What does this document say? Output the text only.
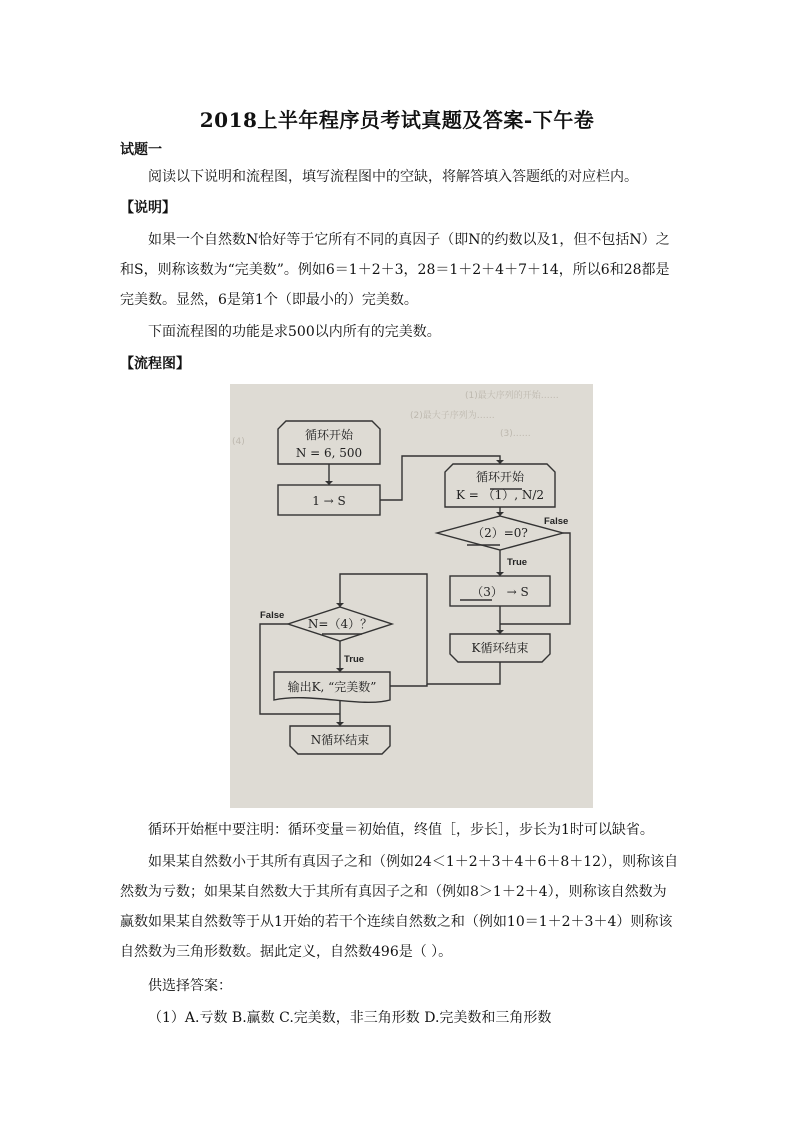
2018上半年程序员考试真题及答案-下午卷
试题一
阅读以下说明和流程图，填写流程图中的空缺，将解答填入答题纸的对应栏内。
【说明】
如果一个自然数N恰好等于它所有不同的真因子（即N的约数以及1，但不包括N）之
和S，则称该数为“完美数”。例如6＝1＋2＋3，28＝1＋2＋4＋7＋14，所以6和28都是
完美数。显然，6是第1个（即最小的）完美数。
下面流程图的功能是求500以内所有的完美数。
【流程图】
(1)最大序列的开始……
(2)最大子序列为……
(3)……
(4)	循环开始
N = 6, 500
1 → S
循环开始
K = （1）, N/2
（2）=0?
True
False
（3） → S
K循环结束
N=（4）？
True
False
输出K, “完美数”
N循环结束
循环开始框中要注明：循环变量＝初始值，终值［，步长］，步长为1时可以缺省。
如果某自然数小于其所有真因子之和（例如24＜1＋2＋3＋4＋6＋8＋12），则称该自
然数为亏数；如果某自然数大于其所有真因子之和（例如8＞1＋2＋4），则称该自然数为
赢数如果某自然数等于从1开始的若干个连续自然数之和（例如10＝1＋2＋3＋4）则称该
自然数为三角形数数。据此定义，自然数496是（ ）。
供选择答案：
（1）A.亏数 B.赢数 C.完美数，非三角形数 D.完美数和三角形数
